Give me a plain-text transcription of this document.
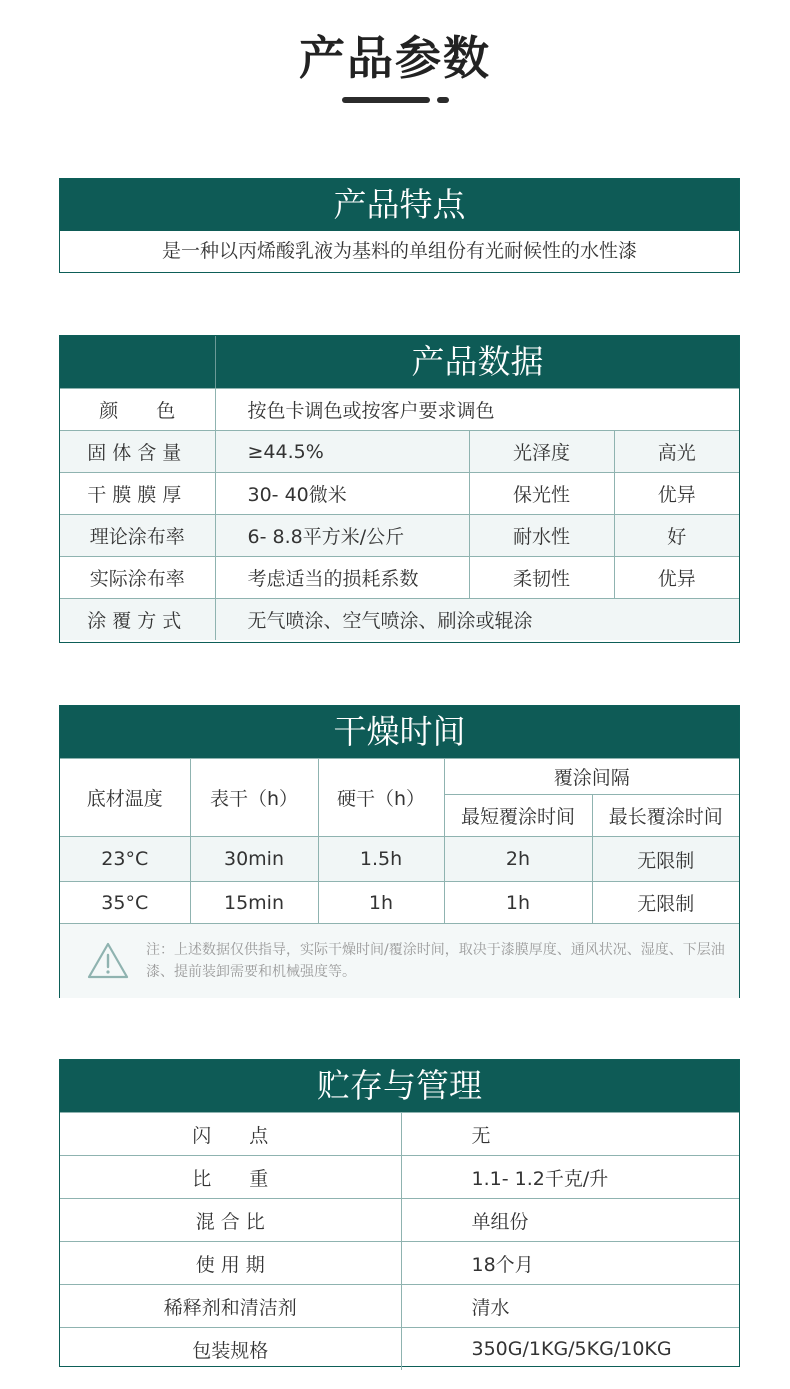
产品参数
产品特点
是一种以丙烯酸乳液为基料的单组份有光耐候性的水性漆
产品数据
颜　　色	按色卡调色或按客户要求调色		
固体含量	≥44.5%	光泽度	高光
干膜膜厚	30- 40微米	保光性	优异
理论涂布率	6- 8.8平方米/公斤	耐水性	好
实际涂布率	考虑适当的损耗系数	柔韧性	优异
涂覆方式	无气喷涂、空气喷涂、刷涂或辊涂		
干燥时间
底材温度	表干（h）	硬干（h）	覆涂间隔	
			最短覆涂时间	最长覆涂时间
23°C	30min	1.5h	2h	无限制
35°C	15min	1h	1h	无限制
注：上述数据仅供指导，实际干燥时间/覆涂时间，取决于漆膜厚度、通风状况、湿度、下层油漆、提前装卸需要和机械强度等。
贮存与管理
闪　　点	无
比　　重	1.1- 1.2千克/升
混 合 比	单组份
使 用 期	18个月
稀释剂和清洁剂	清水
包装规格	350G/1KG/5KG/10KG
